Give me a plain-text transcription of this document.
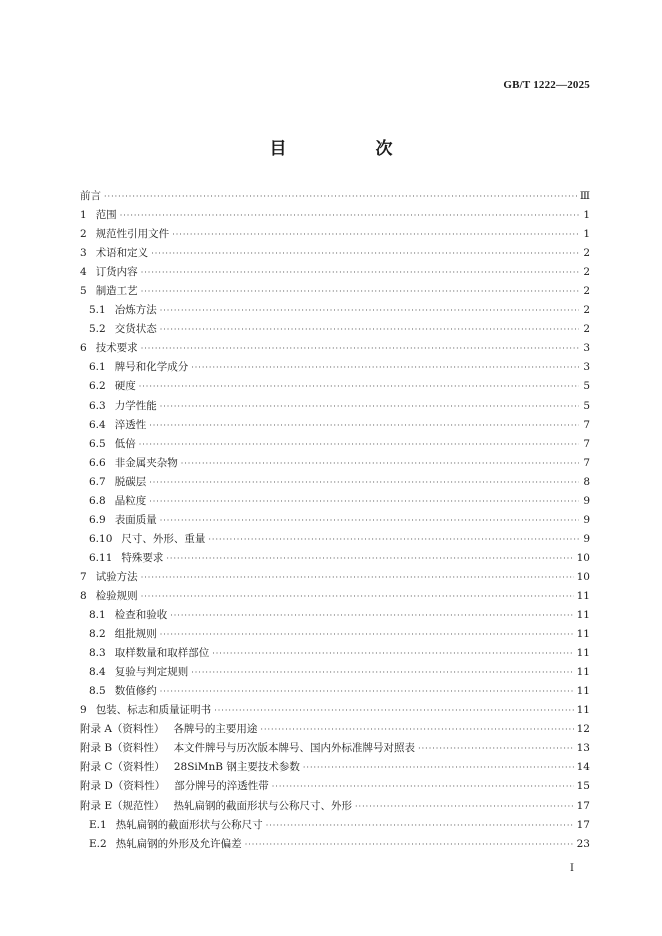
GB/T 1222—2025
目　次
前言 ·····	Ⅲ
1 范围 ·····	1
2 规范性引用文件 ·····	1
3 术语和定义 ·····	2
4 订货内容 ·····	2
5 制造工艺 ·····	2
5.1 冶炼方法 ·····	2
5.2 交货状态 ·····	2
6 技术要求 ·····	3
6.1 牌号和化学成分 ·····	3
6.2 硬度 ·····	5
6.3 力学性能 ·····	5
6.4 淬透性 ·····	7
6.5 低倍 ·····	7
6.6 非金属夹杂物 ·····	7
6.7 脱碳层 ·····	8
6.8 晶粒度 ·····	9
6.9 表面质量 ·····	9
6.10 尺寸、外形、重量 ·····	9
6.11 特殊要求 ·····	10
7 试验方法 ·····	10
8 检验规则 ·····	11
8.1 检查和验收 ·····	11
8.2 组批规则 ·····	11
8.3 取样数量和取样部位 ·····	11
8.4 复验与判定规则 ·····	11
8.5 数值修约 ·····	11
9 包装、标志和质量证明书 ·····	11
附录 A（资料性） 各牌号的主要用途 ·····	12
附录 B（资料性） 本文件牌号与历次版本牌号、国内外标准牌号对照表 ·····	13
附录 C（资料性） 28SiMnB 钢主要技术参数 ·····	14
附录 D（资料性） 部分牌号的淬透性带 ·····	15
附录 E（规范性） 热轧扁钢的截面形状与公称尺寸、外形 ·····	17
E.1 热轧扁钢的截面形状与公称尺寸 ·····	17
E.2 热轧扁钢的外形及允许偏差 ·····	23
Ⅰ
